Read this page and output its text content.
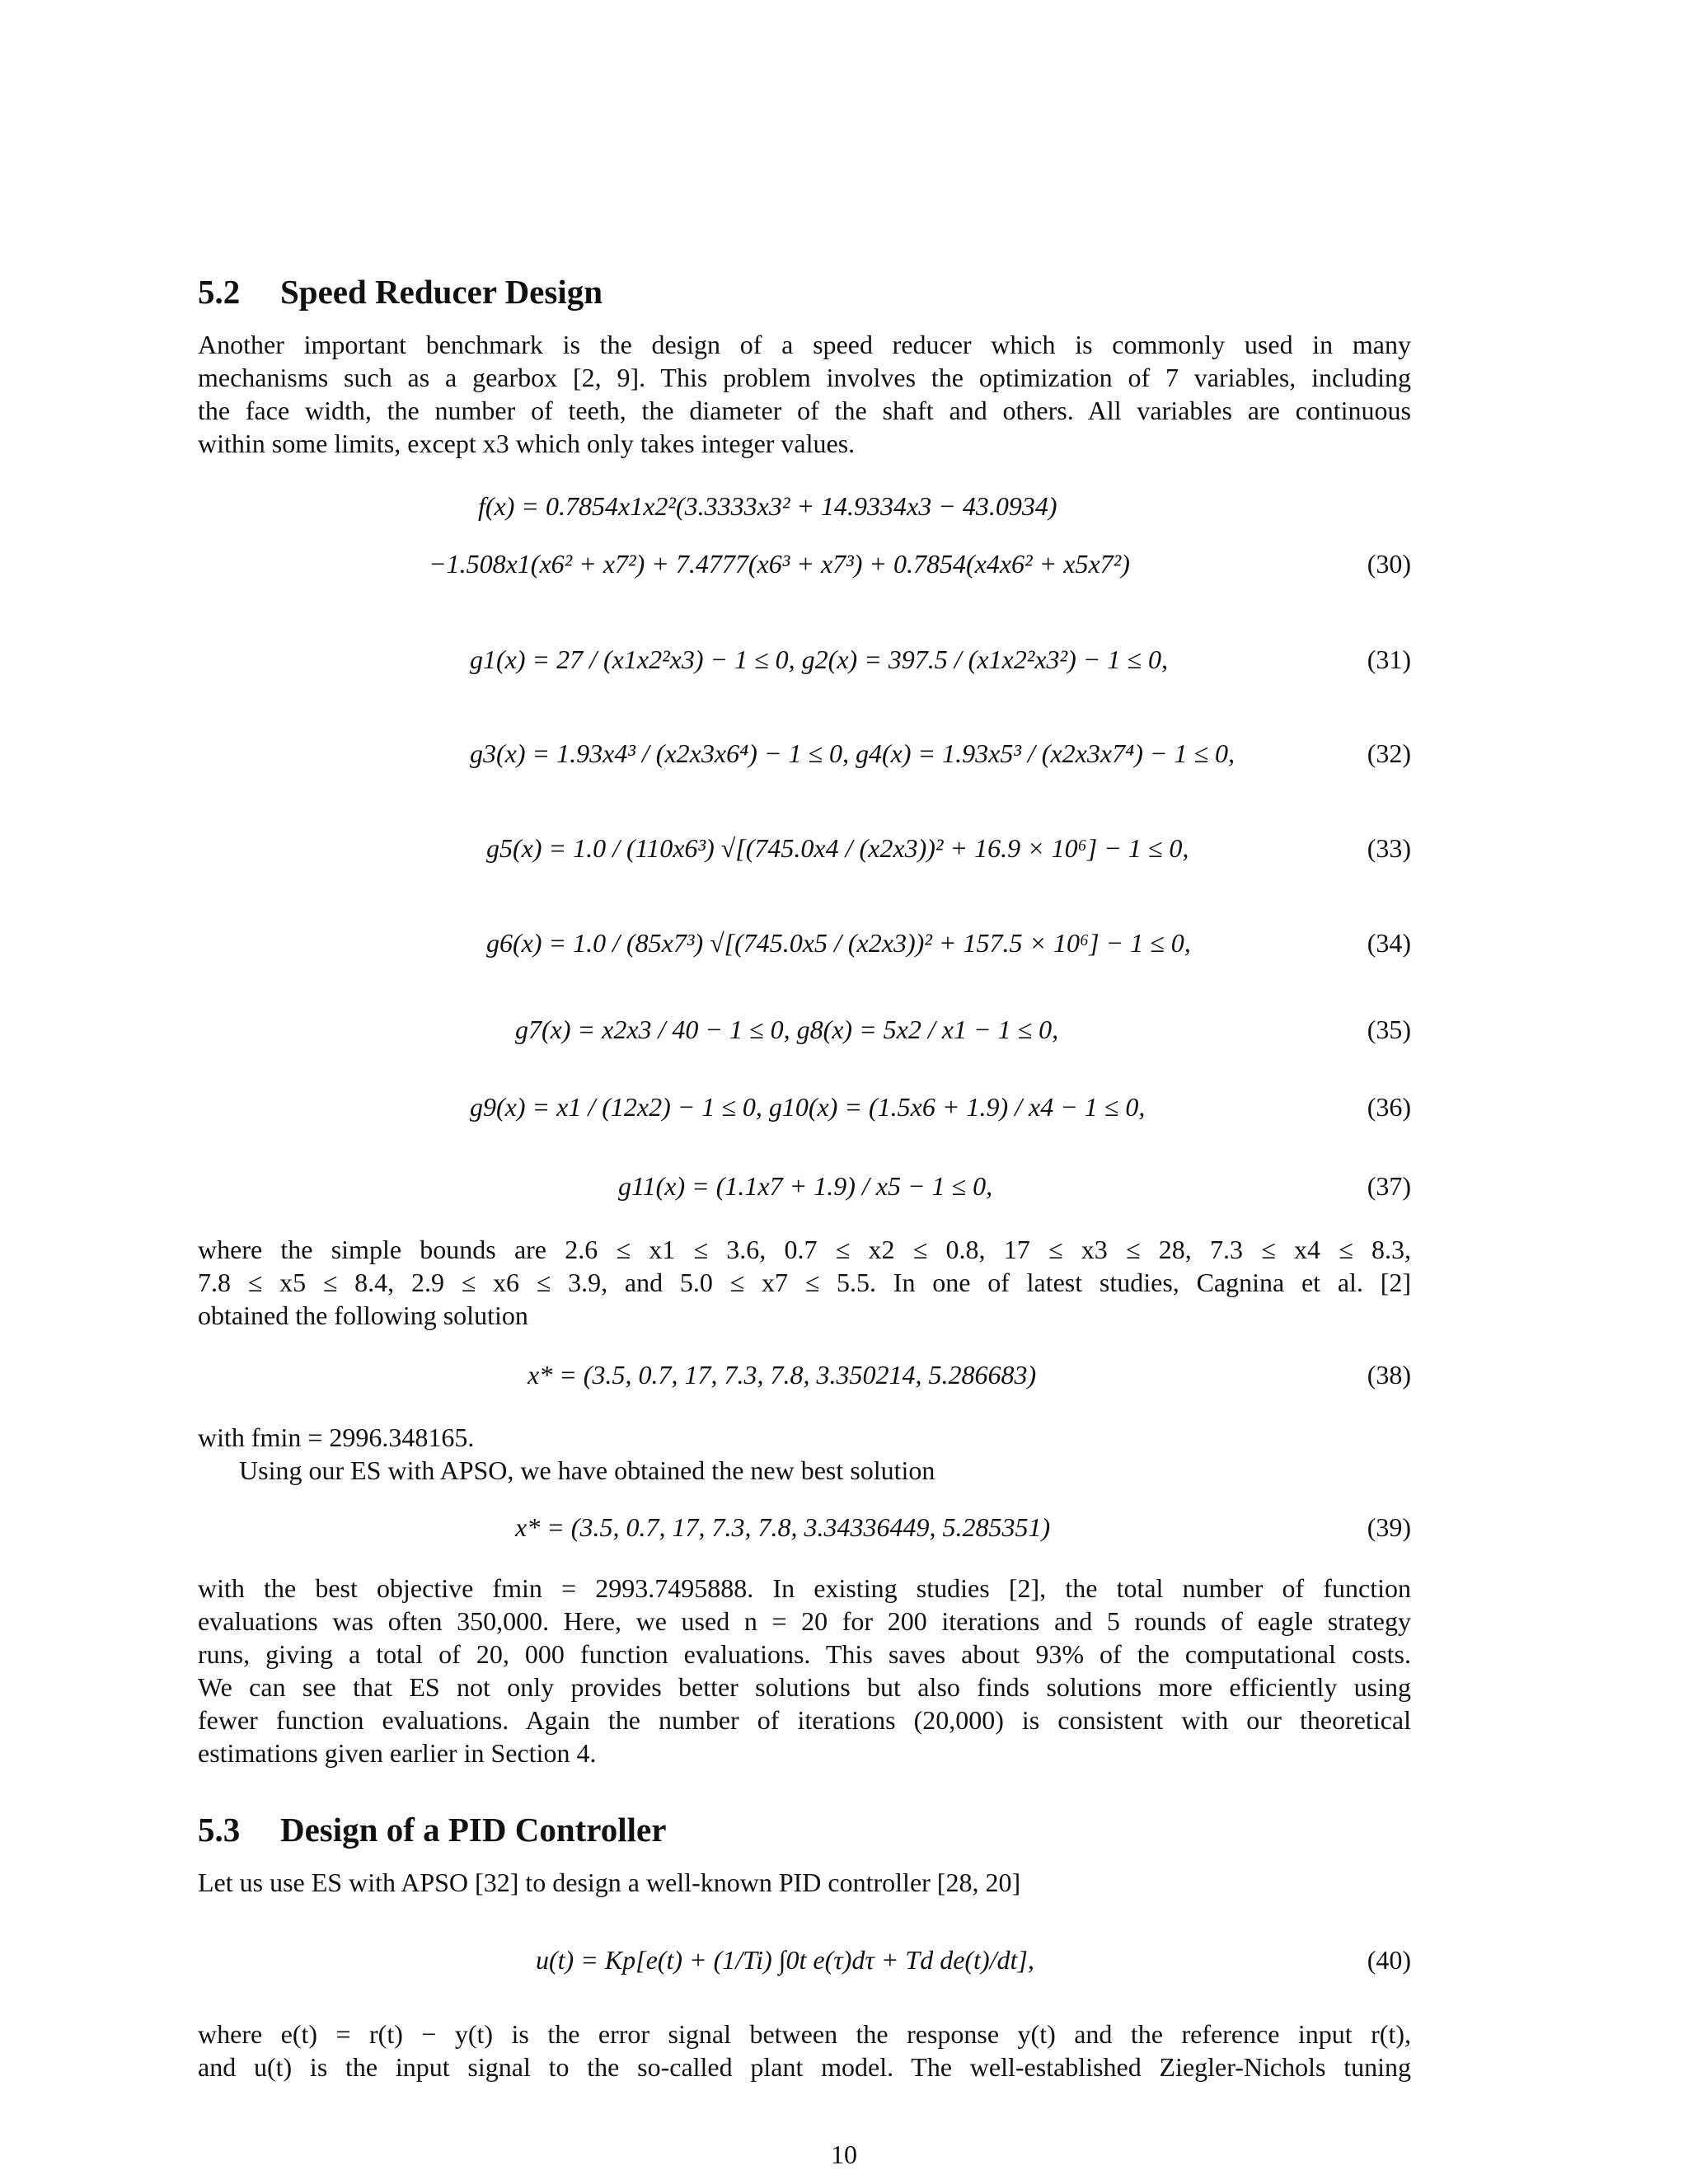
5.2 Speed Reducer Design
Another important benchmark is the design of a speed reducer which is commonly used in many
mechanisms such as a gearbox [2, 9]. This problem involves the optimization of 7 variables, including
the face width, the number of teeth, the diameter of the shaft and others. All variables are continuous
within some limits, except x3 which only takes integer values.
f(x) = 0.7854x1x2²(3.3333x3² + 14.9334x3 − 43.0934)
−1.508x1(x6² + x7²) + 7.4777(x6³ + x7³) + 0.7854(x4x6² + x5x7²)	(30)
g1(x) = 27 / (x1x2²x3) − 1 ≤ 0, g2(x) = 397.5 / (x1x2²x3²) − 1 ≤ 0,	(31)
g3(x) = 1.93x4³ / (x2x3x6⁴) − 1 ≤ 0, g4(x) = 1.93x5³ / (x2x3x7⁴) − 1 ≤ 0,	(32)
g5(x) = 1.0 / (110x6³) √[(745.0x4 / (x2x3))² + 16.9 × 10⁶] − 1 ≤ 0,	(33)
g6(x) = 1.0 / (85x7³) √[(745.0x5 / (x2x3))² + 157.5 × 10⁶] − 1 ≤ 0,	(34)
g7(x) = x2x3 / 40 − 1 ≤ 0, g8(x) = 5x2 / x1 − 1 ≤ 0,	(35)
g9(x) = x1 / (12x2) − 1 ≤ 0, g10(x) = (1.5x6 + 1.9) / x4 − 1 ≤ 0,	(36)
g11(x) = (1.1x7 + 1.9) / x5 − 1 ≤ 0,	(37)
where the simple bounds are 2.6 ≤ x1 ≤ 3.6, 0.7 ≤ x2 ≤ 0.8, 17 ≤ x3 ≤ 28, 7.3 ≤ x4 ≤ 8.3,
7.8 ≤ x5 ≤ 8.4, 2.9 ≤ x6 ≤ 3.9, and 5.0 ≤ x7 ≤ 5.5. In one of latest studies, Cagnina et al. [2]
obtained the following solution
x* = (3.5, 0.7, 17, 7.3, 7.8, 3.350214, 5.286683)	(38)
with fmin = 2996.348165.
Using our ES with APSO, we have obtained the new best solution
x* = (3.5, 0.7, 17, 7.3, 7.8, 3.34336449, 5.285351)	(39)
with the best objective fmin = 2993.7495888. In existing studies [2], the total number of function
evaluations was often 350,000. Here, we used n = 20 for 200 iterations and 5 rounds of eagle strategy
runs, giving a total of 20, 000 function evaluations. This saves about 93% of the computational costs.
We can see that ES not only provides better solutions but also finds solutions more efficiently using
fewer function evaluations. Again the number of iterations (20,000) is consistent with our theoretical
estimations given earlier in Section 4.
5.3 Design of a PID Controller
Let us use ES with APSO [32] to design a well-known PID controller [28, 20]
u(t) = Kp[e(t) + (1/Ti) ∫0t e(τ)dτ + Td de(t)/dt],	(40)
where e(t) = r(t) − y(t) is the error signal between the response y(t) and the reference input r(t),
and u(t) is the input signal to the so-called plant model. The well-established Ziegler-Nichols tuning
10
